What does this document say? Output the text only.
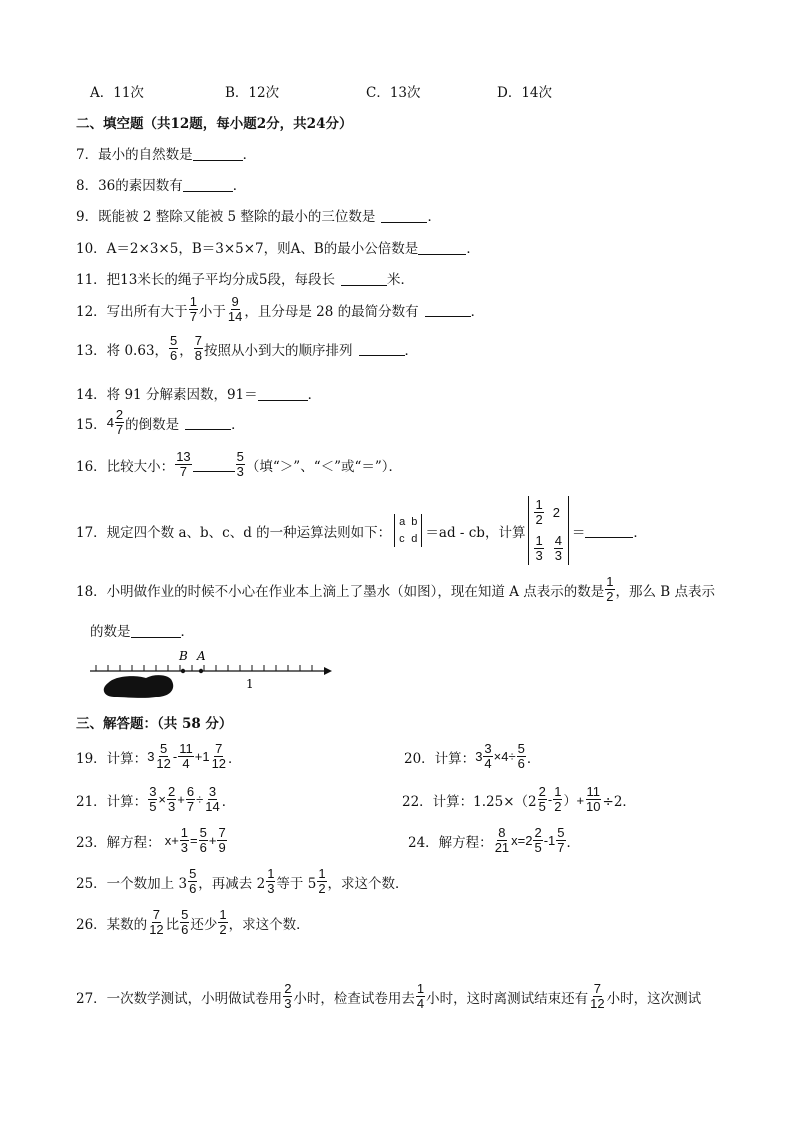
A．11次	B．12次	C．13次	D．14次
二、填空题（共12题，每小题2分，共24分）
7．最小的自然数是	．
8．36的素因数有	．
9．既能被 2 整除又能被 5 整除的最小的三位数是	．
10．A＝2×3×5，B＝3×5×7，则A、B的最小公倍数是	．
11．把13米长的绳子平均分成5段，每段长	米．
12．写出所有大于 $\frac{1}{7}$ 小于 $\frac{9}{14}$ ，且分母是 28 的最简分数有	．
13．将 0.63， $\frac{5}{6}$ ， $\frac{7}{8}$ 按照从小到大的顺序排列	．
14．将 91 分解素因数，91＝	．
15． $4 \frac{2}{7}$ 的倒数是	．
16．比较大小： $\frac{13}{7}$	$\frac{5}{3}$ （填“＞”、“＜”或“＝”）．
17．规定四个数 a、b、c、d 的一种运算法则如下：
a
c
b
d ＝ad - cb，计算
$\frac{1}{2} 2$
$\frac{1}{3} \frac{4}{3}$
＝	．
18．小明做作业的时候不小心在作业本上滴上了墨水（如图），现在知道 A 点表示的数是 $\frac{1}{2}$ ，那么 B 点表示
的数是	．
B A
1
三、解答题：（共 58 分）
19．计算： $3 \frac{5}{12} - \frac{11}{4} +1 \frac{7}{12}$ ．	20．计算： $3 \frac{3}{4} \times 4\div \frac{5}{6}$ ．
21．计算： $\frac{3}{5} \times \frac{2}{3} + \frac{6}{7} \div \frac{3}{14}$ ．	22．计算：$1.25\times(2 \frac{2}{5} - \frac{1}{2}$ ）+ $\frac{11}{10} \div 2$．
23．解方程： $x+ \frac{1}{3} = \frac{5}{6} + \frac{7}{9}$	24．解方程： $\frac{8}{21} x=2 \frac{2}{5} -1 \frac{5}{7}$ ．
25．一个数加上 $3 \frac{5}{6}$ ，再减去 $2 \frac{1}{3}$ 等于 $5 \frac{1}{2}$ ，求这个数．
26．某数的 $\frac{7}{12}$ 比 $\frac{5}{6}$ 还少 $\frac{1}{2}$ ，求这个数．
27．一次数学测试，小明做试卷用 $\frac{2}{3}$ 小时，检查试卷用去 $\frac{1}{4}$ 小时，这时离测试结束还有 $\frac{7}{12}$ 小时，这次测试
